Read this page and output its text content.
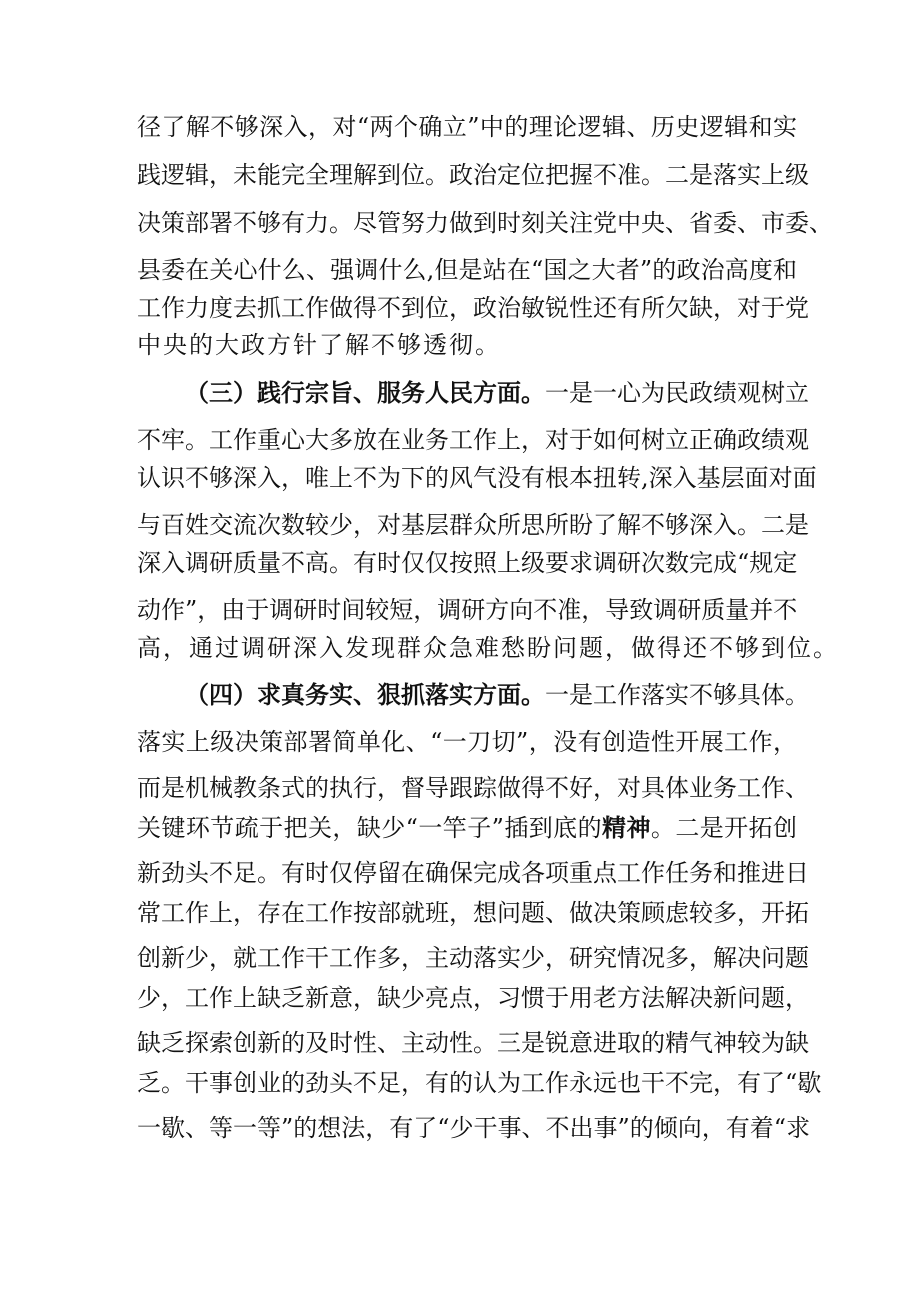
径了解不够深入，对“两个确立”中的理论逻辑、历史逻辑和实
践逻辑，未能完全理解到位。政治定位把握不准。二是落实上级
决策部署不够有力。尽管努力做到时刻关注党中央、省委、市委、
县委在关心什么、强调什么,但是站在“国之大者”的政治高度和
工作力度去抓工作做得不到位，政治敏锐性还有所欠缺，对于党
中央的大政方针了解不够透彻。
（三）践行宗旨、服务人民方面。一是一心为民政绩观树立
不牢。工作重心大多放在业务工作上，对于如何树立正确政绩观
认识不够深入，唯上不为下的风气没有根本扭转,深入基层面对面
与百姓交流次数较少，对基层群众所思所盼了解不够深入。二是
深入调研质量不高。有时仅仅按照上级要求调研次数完成“规定
动作”，由于调研时间较短，调研方向不准，导致调研质量并不
高，通过调研深入发现群众急难愁盼问题，做得还不够到位。
（四）求真务实、狠抓落实方面。一是工作落实不够具体。
落实上级决策部署简单化、“一刀切”，没有创造性开展工作，
而是机械教条式的执行，督导跟踪做得不好，对具体业务工作、
关键环节疏于把关，缺少“一竿子”插到底的精神。二是开拓创
新劲头不足。有时仅停留在确保完成各项重点工作任务和推进日
常工作上，存在工作按部就班，想问题、做决策顾虑较多，开拓
创新少，就工作干工作多，主动落实少，研究情况多，解决问题
少，工作上缺乏新意，缺少亮点，习惯于用老方法解决新问题，
缺乏探索创新的及时性、主动性。三是锐意进取的精气神较为缺
乏。干事创业的劲头不足，有的认为工作永远也干不完，有了“歇
一歇、等一等”的想法，有了“少干事、不出事”的倾向，有着“求
